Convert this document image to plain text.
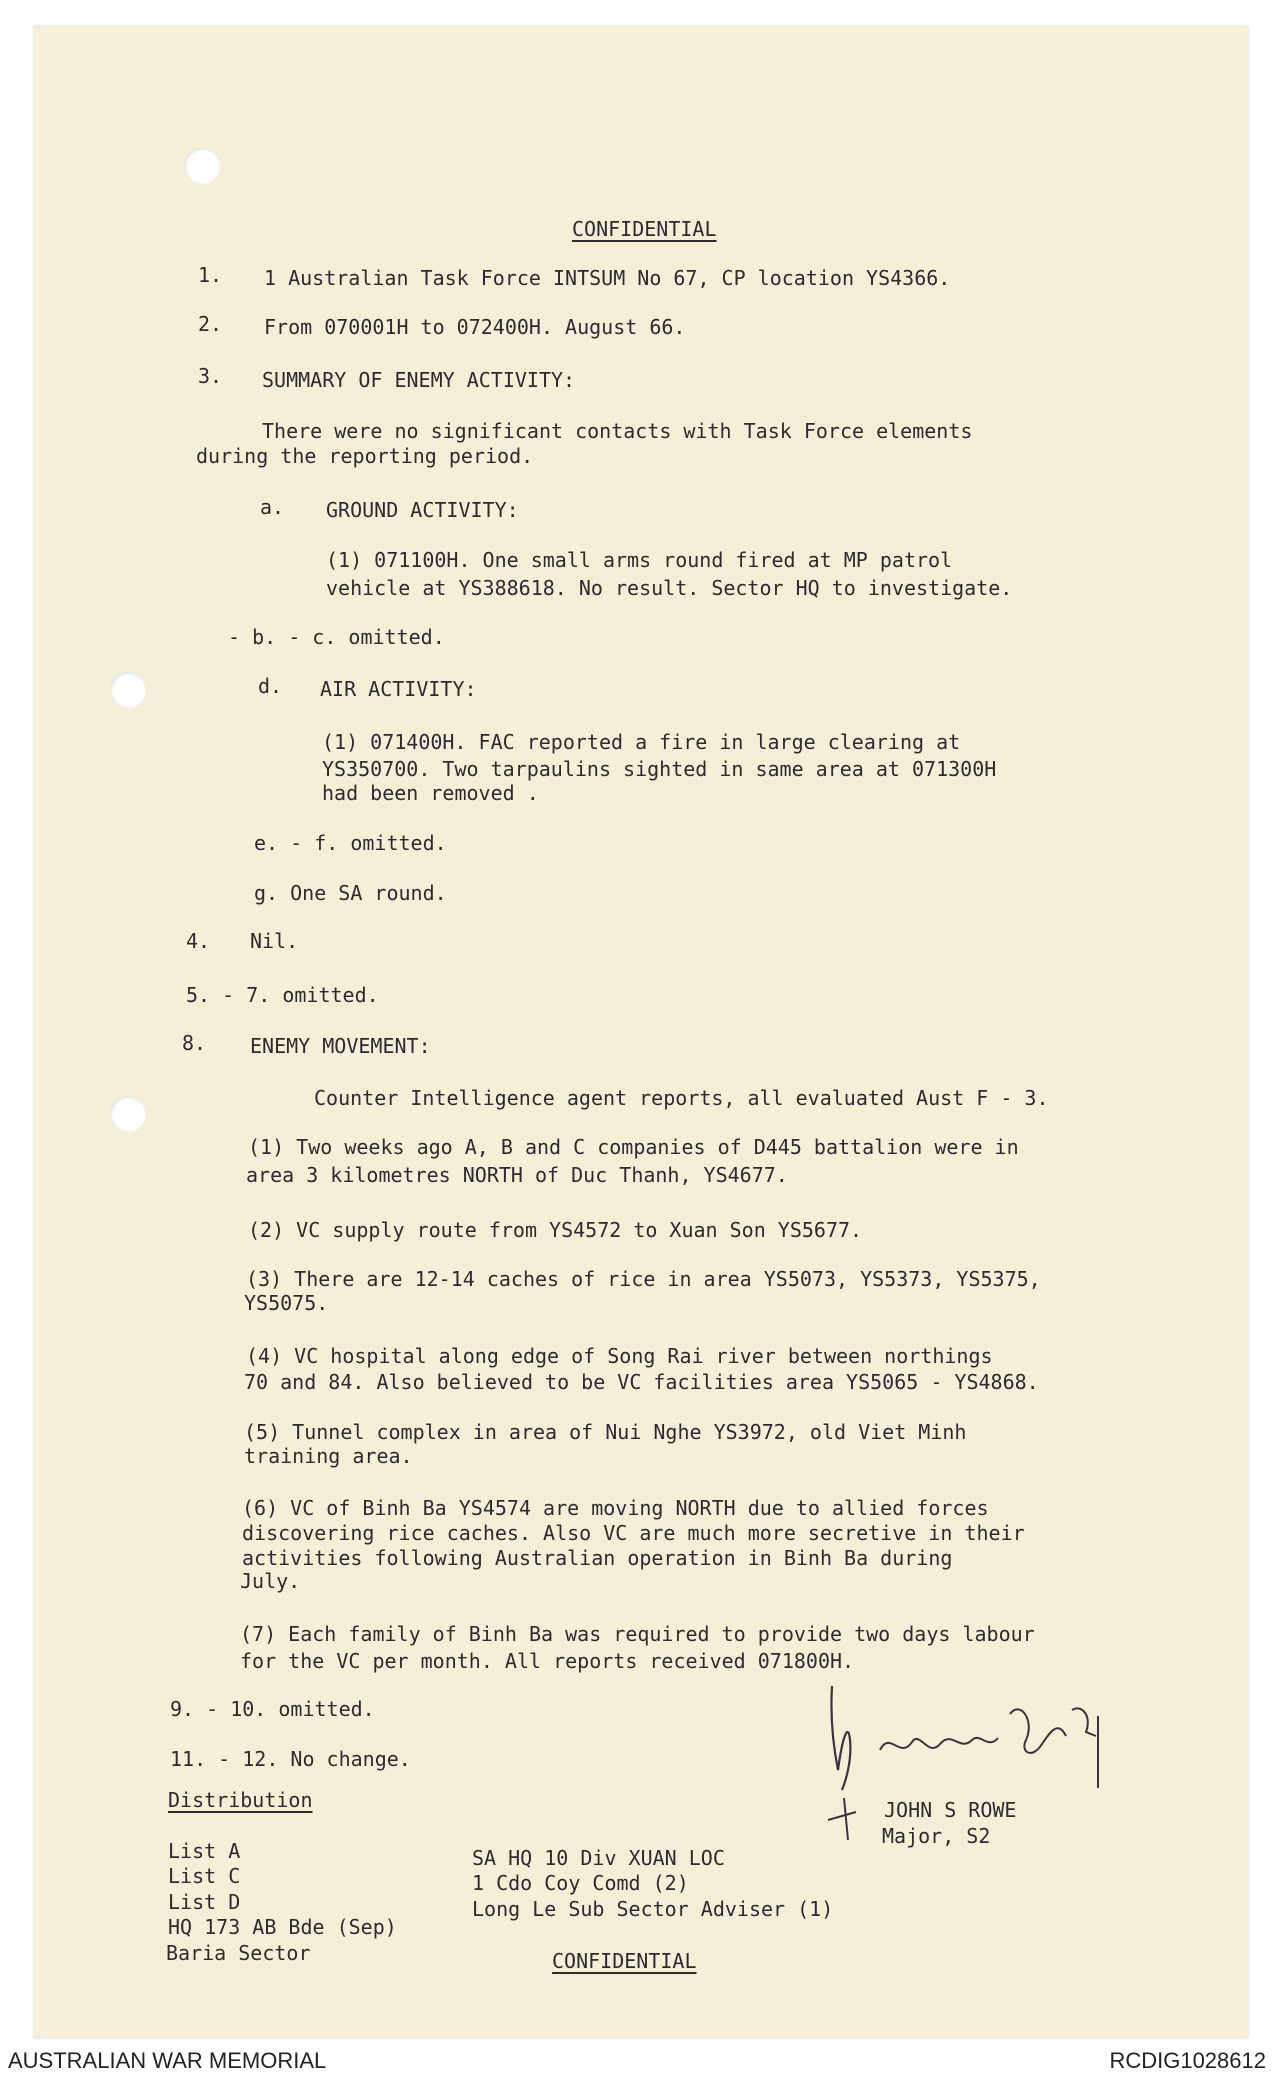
CONFIDENTIAL
1. 1 Australian Task Force INTSUM No 67, CP location YS4366.
2. From 070001H to 072400H. August 66.
3. SUMMARY OF ENEMY ACTIVITY:
There were no significant contacts with Task Force elements
during the reporting period.
a. GROUND ACTIVITY:
(1) 071100H. One small arms round fired at MP patrol
vehicle at YS388618. No result. Sector HQ to investigate.
- b. - c. omitted.
d. AIR ACTIVITY:
(1) 071400H. FAC reported a fire in large clearing at
YS350700. Two tarpaulins sighted in same area at 071300H
had been removed .
e. - f. omitted.
g. One SA round.
4. Nil.
5. - 7. omitted.
8. ENEMY MOVEMENT:
Counter Intelligence agent reports, all evaluated Aust F - 3.
(1) Two weeks ago A, B and C companies of D445 battalion were in
area 3 kilometres NORTH of Duc Thanh, YS4677.
(2) VC supply route from YS4572 to Xuan Son YS5677.
(3) There are 12-14 caches of rice in area YS5073, YS5373, YS5375,
YS5075.
(4) VC hospital along edge of Song Rai river between northings
70 and 84. Also believed to be VC facilities area YS5065 - YS4868.
(5) Tunnel complex in area of Nui Nghe YS3972, old Viet Minh
training area.
(6) VC of Binh Ba YS4574 are moving NORTH due to allied forces
discovering rice caches. Also VC are much more secretive in their
activities following Australian operation in Binh Ba during
July.
(7) Each family of Binh Ba was required to provide two days labour
for the VC per month. All reports received 071800H.
9. - 10. omitted.
11. - 12. No change.
JOHN S ROWE
Major, S2
Distribution
List A
List C
List D
HQ 173 AB Bde (Sep)
Baria Sector
SA HQ 10 Div XUAN LOC
1 Cdo Coy Comd (2)
Long Le Sub Sector Adviser (1)
CONFIDENTIAL
AUSTRALIAN WAR MEMORIAL	RCDIG1028612
